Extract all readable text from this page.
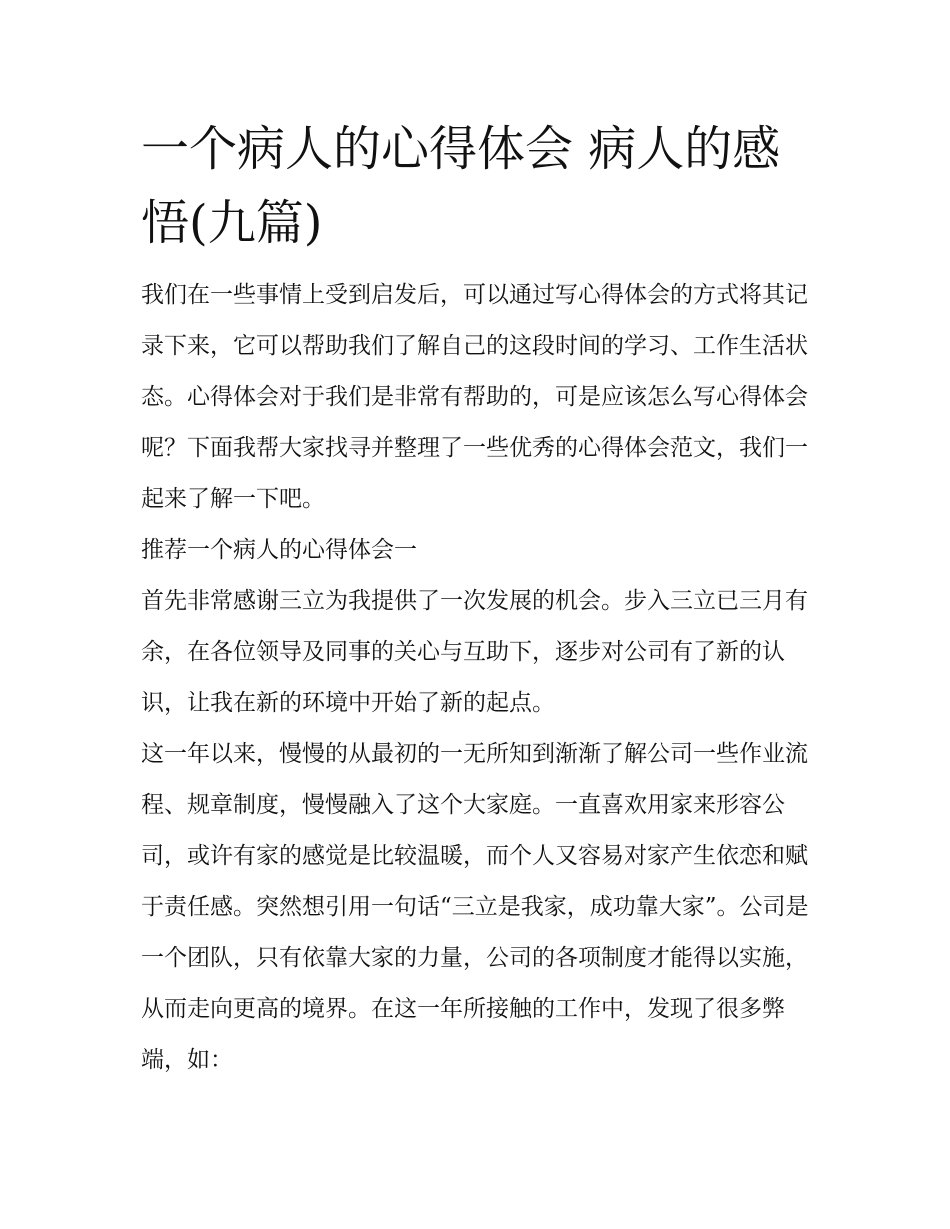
一个病人的心得体会 病人的感悟(九篇)

我们在一些事情上受到启发后，可以通过写心得体会的方式将其记录下来，它可以帮助我们了解自己的这段时间的学习、工作生活状态。心得体会对于我们是非常有帮助的，可是应该怎么写心得体会呢？下面我帮大家找寻并整理了一些优秀的心得体会范文，我们一起来了解一下吧。

推荐一个病人的心得体会一

首先非常感谢三立为我提供了一次发展的机会。步入三立已三月有余，在各位领导及同事的关心与互助下，逐步对公司有了新的认识，让我在新的环境中开始了新的起点。

这一年以来，慢慢的从最初的一无所知到渐渐了解公司一些作业流程、规章制度，慢慢融入了这个大家庭。一直喜欢用家来形容公司，或许有家的感觉是比较温暖，而个人又容易对家产生依恋和赋于责任感。突然想引用一句话“三立是我家，成功靠大家”。公司是一个团队，只有依靠大家的力量，公司的各项制度才能得以实施，从而走向更高的境界。在这一年所接触的工作中，发现了很多弊端，如：
